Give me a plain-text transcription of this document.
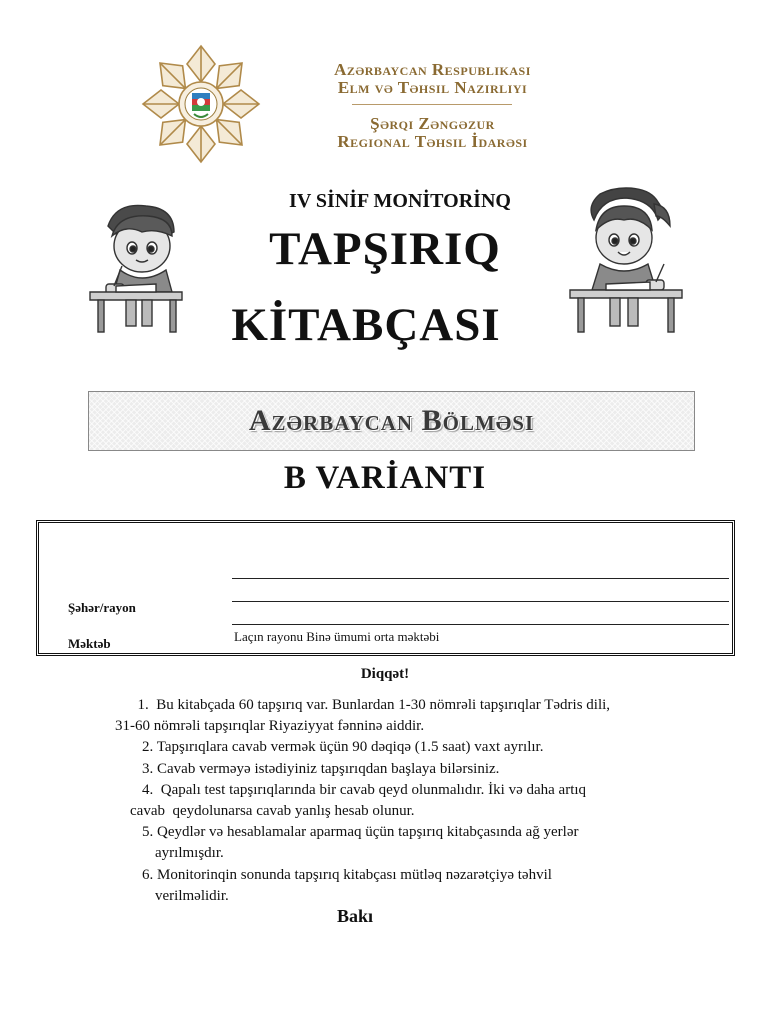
Azərbaycan Respublikası
Elm və Təhsil Nazirliyi
Şərqi Zəngəzur
Regional Təhsil İdarəsi
IV SİNİF MONİTORİNQ
TAPŞIRIQ
KİTABÇASI
Azərbaycan Bölməsi
B VARİANTI
Şəhər/rayon
Məktəb	Laçın rayonu Binə ümumi orta məktəbi
Diqqət!

1.  Bu kitabçada 60 tapşırıq var. Bunlardan 1-30 nömrəli tapşırıqlar Tədris dili,

31-60 nömrəli tapşırıqlar Riyaziyyat fənninə aiddir.

2. Tapşırıqlara cavab vermək üçün 90 dəqiqə (1.5 saat) vaxt ayrılır.

3. Cavab verməyə istədiyiniz tapşırıqdan başlaya bilərsiniz.

4.  Qapalı test tapşırıqlarında bir cavab qeyd olunmalıdır. İki və daha artıq

cavab  qeydolunarsa cavab yanlış hesab olunur.

5. Qeydlər və hesablamalar aparmaq üçün tapşırıq kitabçasında ağ yerlər

ayrılmışdır.

6. Monitorinqin sonunda tapşırıq kitabçası mütləq nəzarətçiyə təhvil

verilməlidir.

Bakı
